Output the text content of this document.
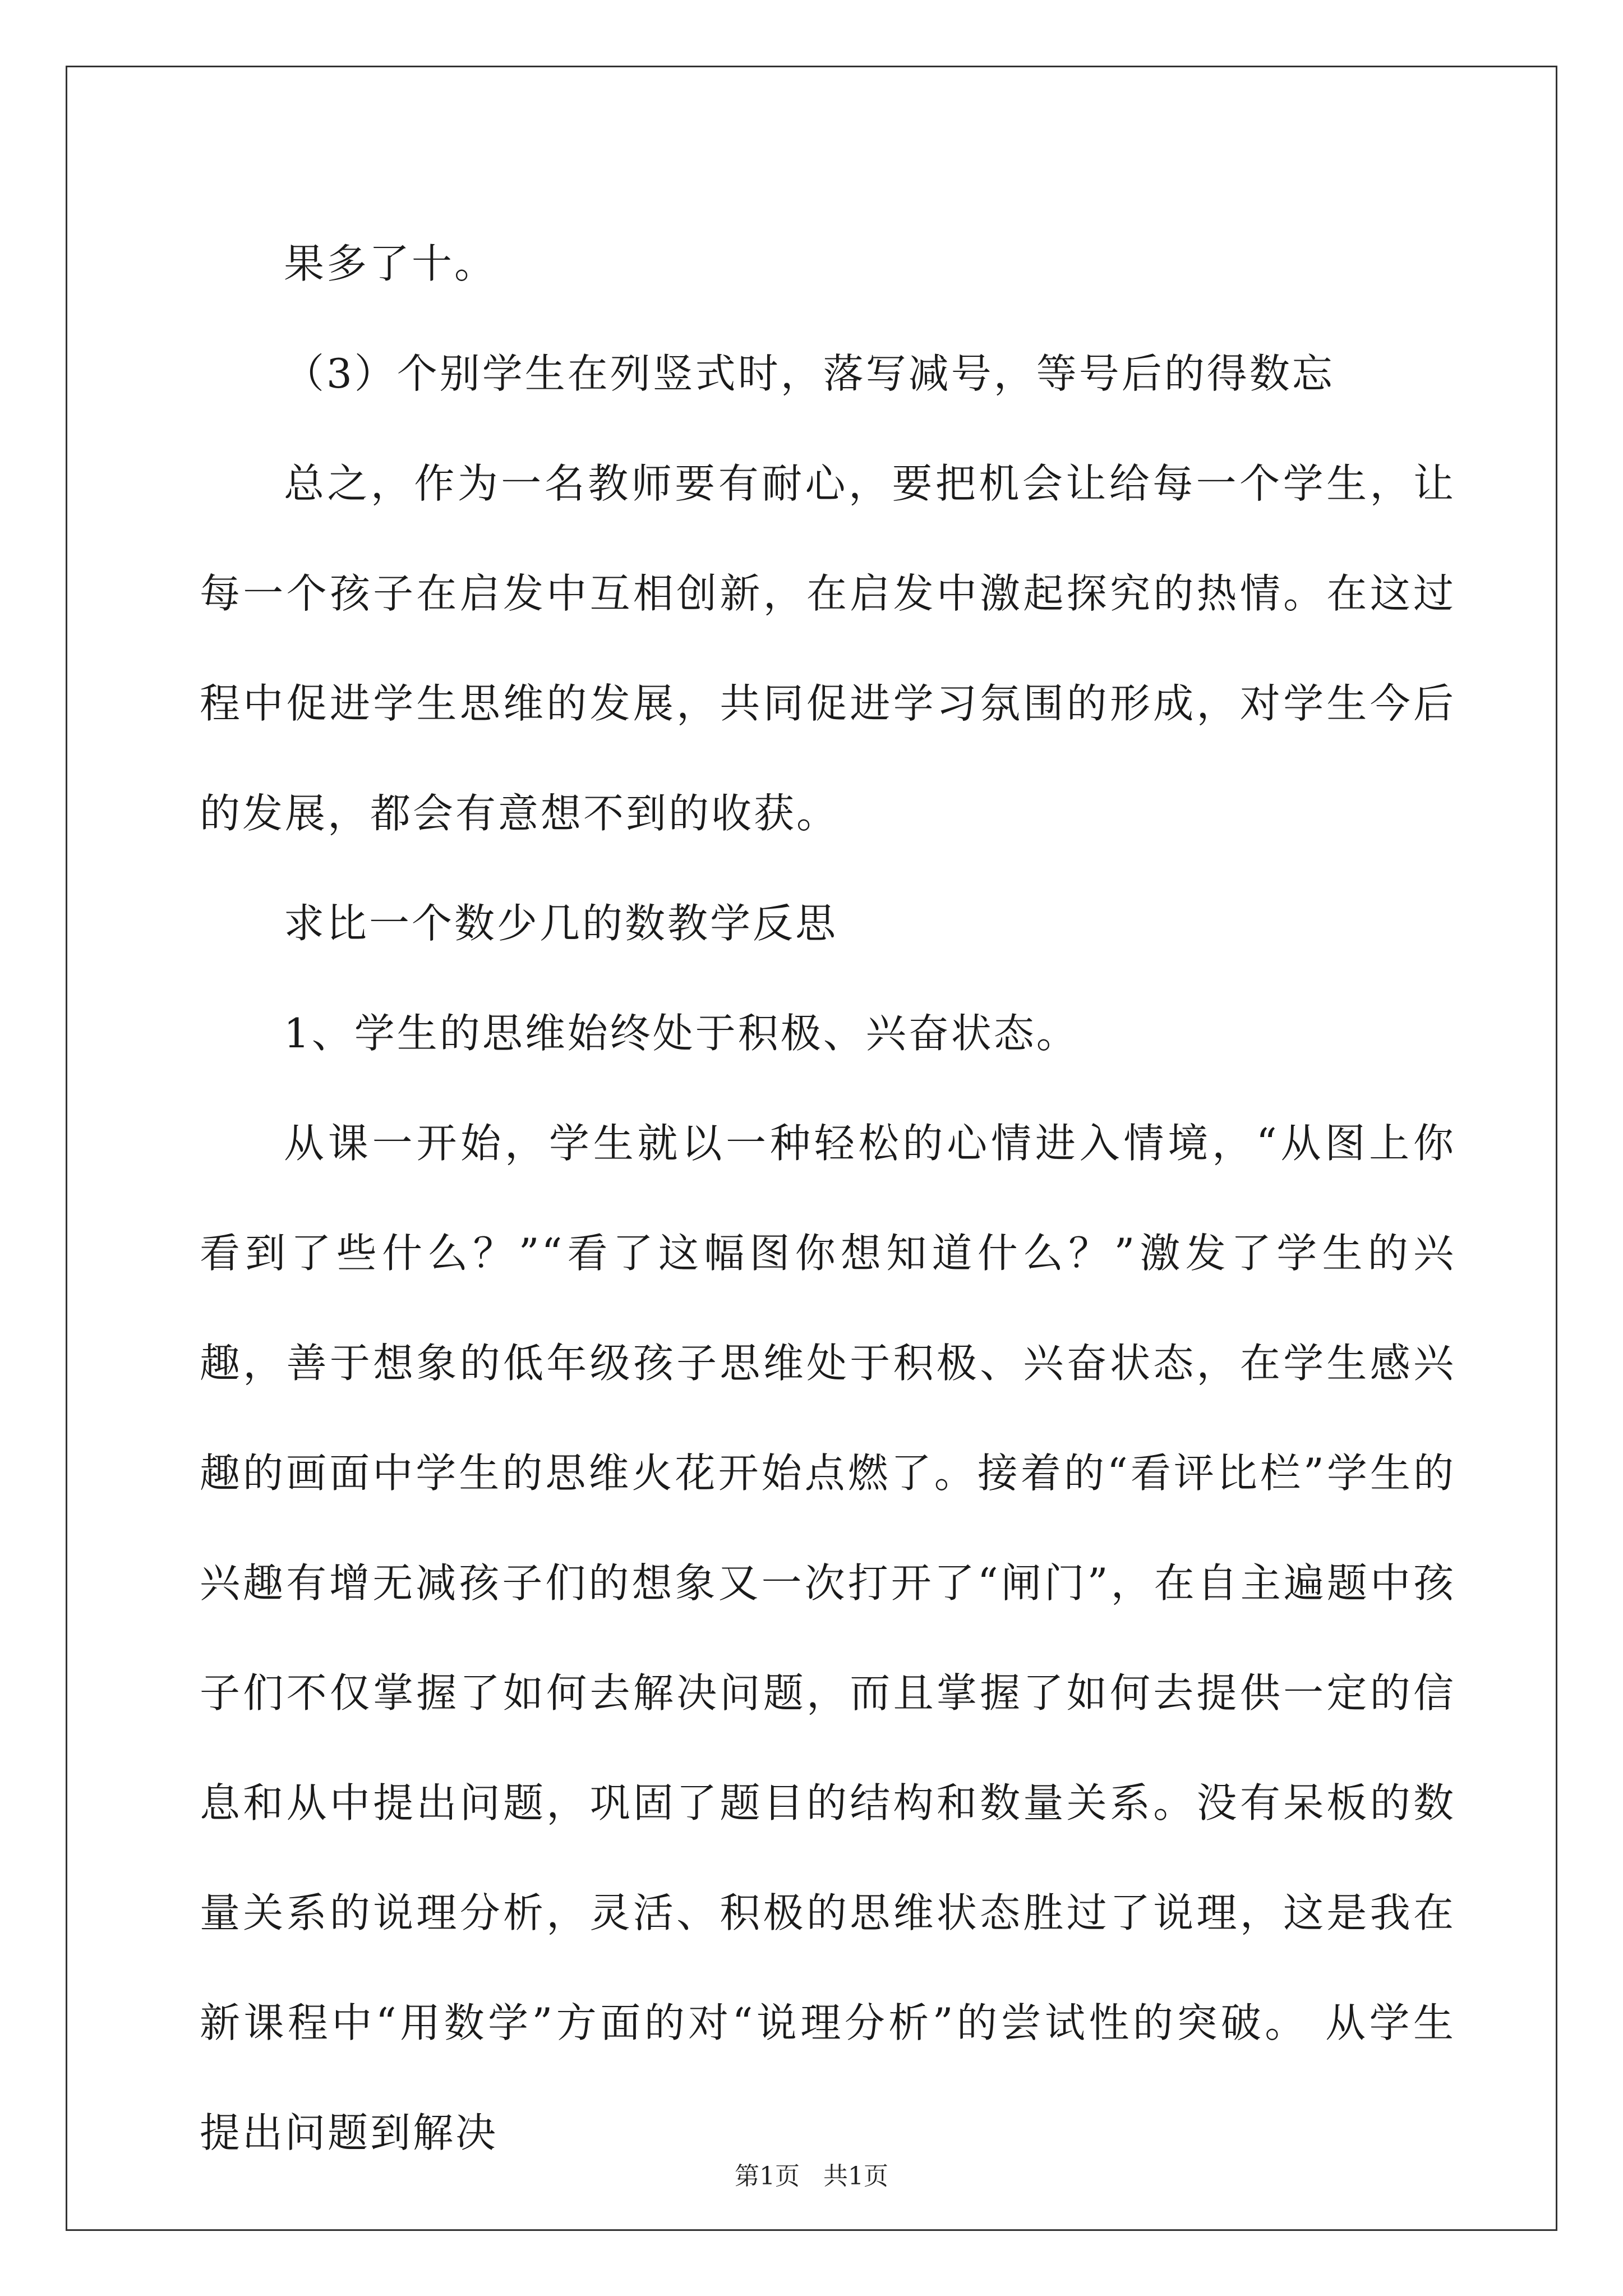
果多了十。

（3）个别学生在列竖式时，落写减号，等号后的得数忘

总之，作为一名教师要有耐心，要把机会让给每一个学生，让每一个孩子在启发中互相创新，在启发中激起探究的热情。在这过程中促进学生思维的发展，共同促进学习氛围的形成，对学生今后的发展，都会有意想不到的收获。

求比一个数少几的数教学反思

1、学生的思维始终处于积极、兴奋状态。

从课一开始，学生就以一种轻松的心情进入情境，“从图上你看到了些什么？”“看了这幅图你想知道什么？”激发了学生的兴趣，善于想象的低年级孩子思维处于积极、兴奋状态，在学生感兴趣的画面中学生的思维火花开始点燃了。接着的“看评比栏”学生的兴趣有增无减孩子们的想象又一次打开了“闸门”，在自主遍题中孩子们不仅掌握了如何去解决问题，而且掌握了如何去提供一定的信息和从中提出问题，巩固了题目的结构和数量关系。没有呆板的数量关系的说理分析，灵活、积极的思维状态胜过了说理，这是我在新课程中“用数学”方面的对“说理分析”的尝试性的突破。 从学生提出问题到解决

第1页 共1页
